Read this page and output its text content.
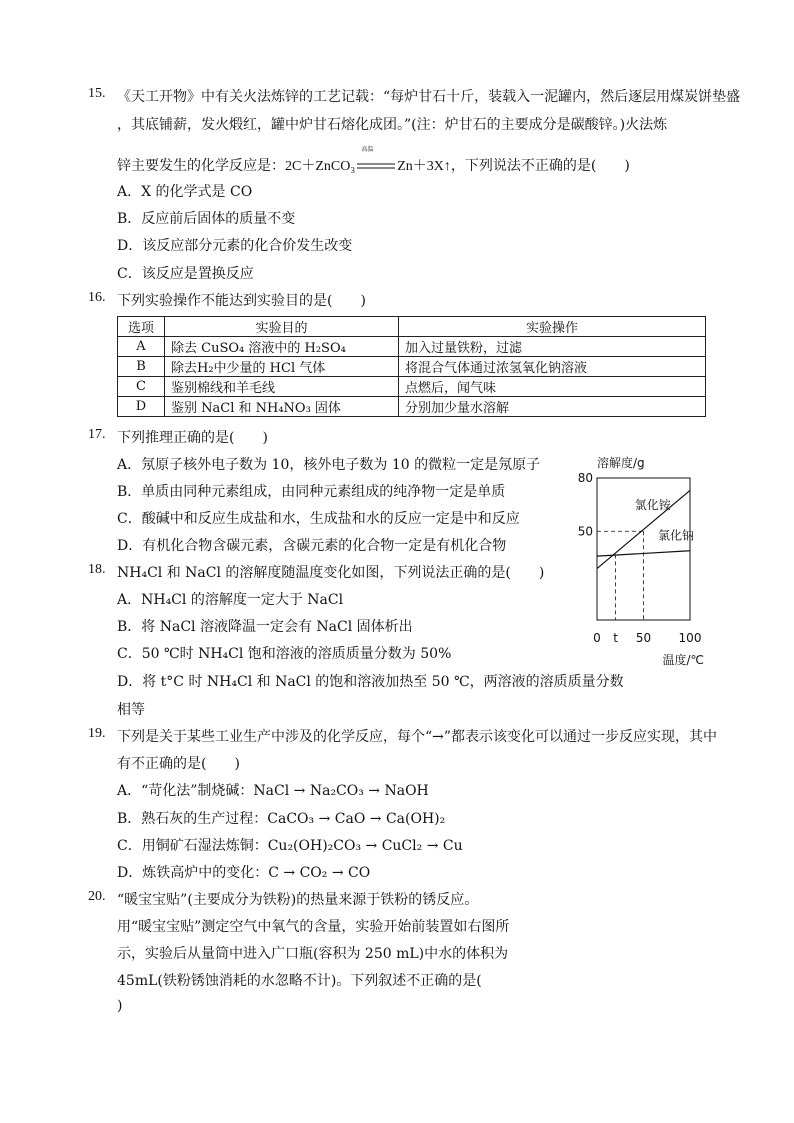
15. 《天工开物》中有关火法炼锌的工艺记载：“每炉甘石十斤，装载入一泥罐内，然后逐层用煤炭饼垫盛
，其底铺薪，发火煅红，罐中炉甘石熔化成团。”(注：炉甘石的主要成分是碳酸锌。)火法炼
锌主要发生的化学反应是：2C＋ZnCO₃
高温
Zn＋3X↑，下列说法不正确的是(　　)
A．X 的化学式是 CO
B．反应前后固体的质量不变
D．该反应部分元素的化合价发生改变
C．该反应是置换反应
16. 下列实验操作不能达到实验目的是(　　)
选项	实验目的	实验操作
A	除去 CuSO₄ 溶液中的 H₂SO₄	加入过量铁粉，过滤
B	除去H₂中少量的 HCl 气体	将混合气体通过浓氢氧化钠溶液
C	鉴别棉线和羊毛线	点燃后，闻气味
D	鉴别 NaCl 和 NH₄NO₃ 固体	分别加少量水溶解
17. 下列推理正确的是(　　)
A．氖原子核外电子数为 10，核外电子数为 10 的微粒一定是氖原子
B．单质由同种元素组成，由同种元素组成的纯净物一定是单质
C．酸碱中和反应生成盐和水，生成盐和水的反应一定是中和反应
D．有机化合物含碳元素，含碳元素的化合物一定是有机化合物
18. NH₄Cl 和 NaCl 的溶解度随温度变化如图，下列说法正确的是(　　)
A．NH₄Cl 的溶解度一定大于 NaCl
B．将 NaCl 溶液降温一定会有 NaCl 固体析出
C．50 ℃时 NH₄Cl 饱和溶液的溶质质量分数为 50%
D．将 t°C 时 NH₄Cl 和 NaCl 的饱和溶液加热至 50 ℃，两溶液的溶质质量分数
相等
溶解度/g
80
50
氯化铵
氯化钠
0 t 50 100
温度/℃
19. 下列是关于某些工业生产中涉及的化学反应，每个“→”都表示该变化可以通过一步反应实现，其中
有不正确的是(　　)
A．“苛化法”制烧碱：NaCl → Na₂CO₃ → NaOH
B．熟石灰的生产过程：CaCO₃ → CaO → Ca(OH)₂
C．用铜矿石湿法炼铜：Cu₂(OH)₂CO₃ → CuCl₂ → Cu
D．炼铁高炉中的变化：C → CO₂ → CO
20. “暖宝宝贴”(主要成分为铁粉)的热量来源于铁粉的锈反应。
用“暖宝宝贴”测定空气中氧气的含量，实验开始前装置如右图所
示，实验后从量筒中进入广口瓶(容积为 250 mL)中水的体积为
45mL(铁粉锈蚀消耗的水忽略不计)。下列叙述不正确的是(
)
